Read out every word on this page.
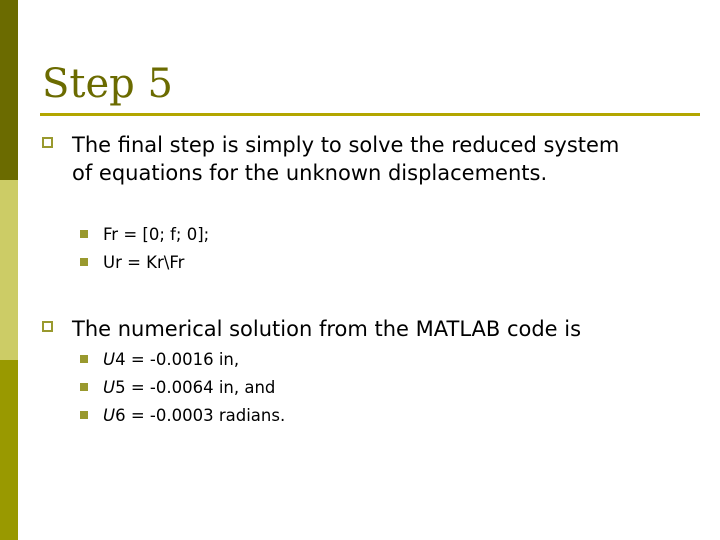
Step 5
The final step is simply to solve the reduced system of equations for the unknown displacements.
Fr = [0; f; 0];
Ur = Kr\Fr
The numerical solution from the MATLAB code is
U4 = -0.0016 in,
U5 = -0.0064 in, and
U6 = -0.0003 radians.
